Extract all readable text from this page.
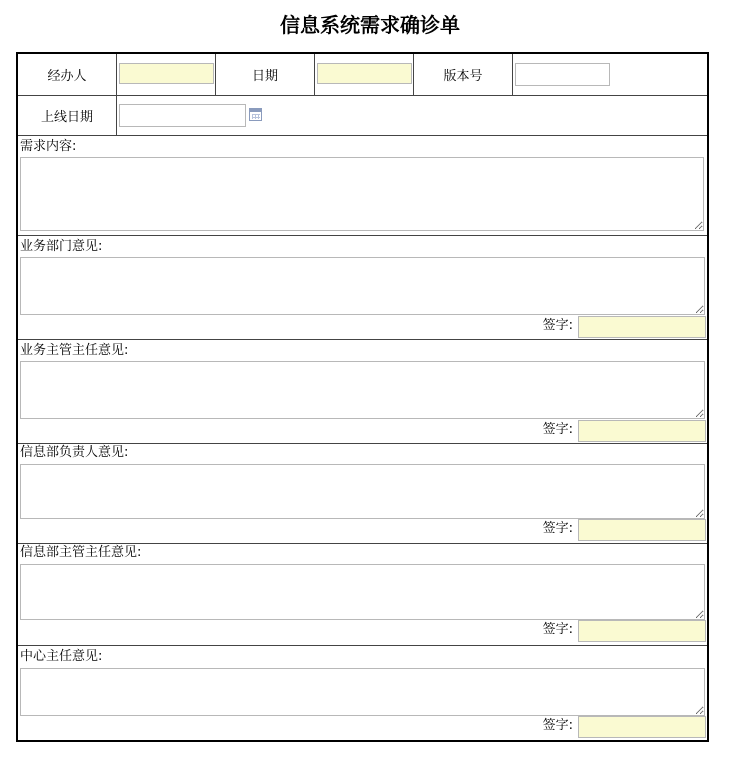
信息系统需求确诊单
经办人	日期	版本号
上线日期
需求内容:
业务部门意见:
签字:
业务主管主任意见:
签字:
信息部负责人意见:
签字:
信息部主管主任意见:
签字:
中心主任意见:
签字:
